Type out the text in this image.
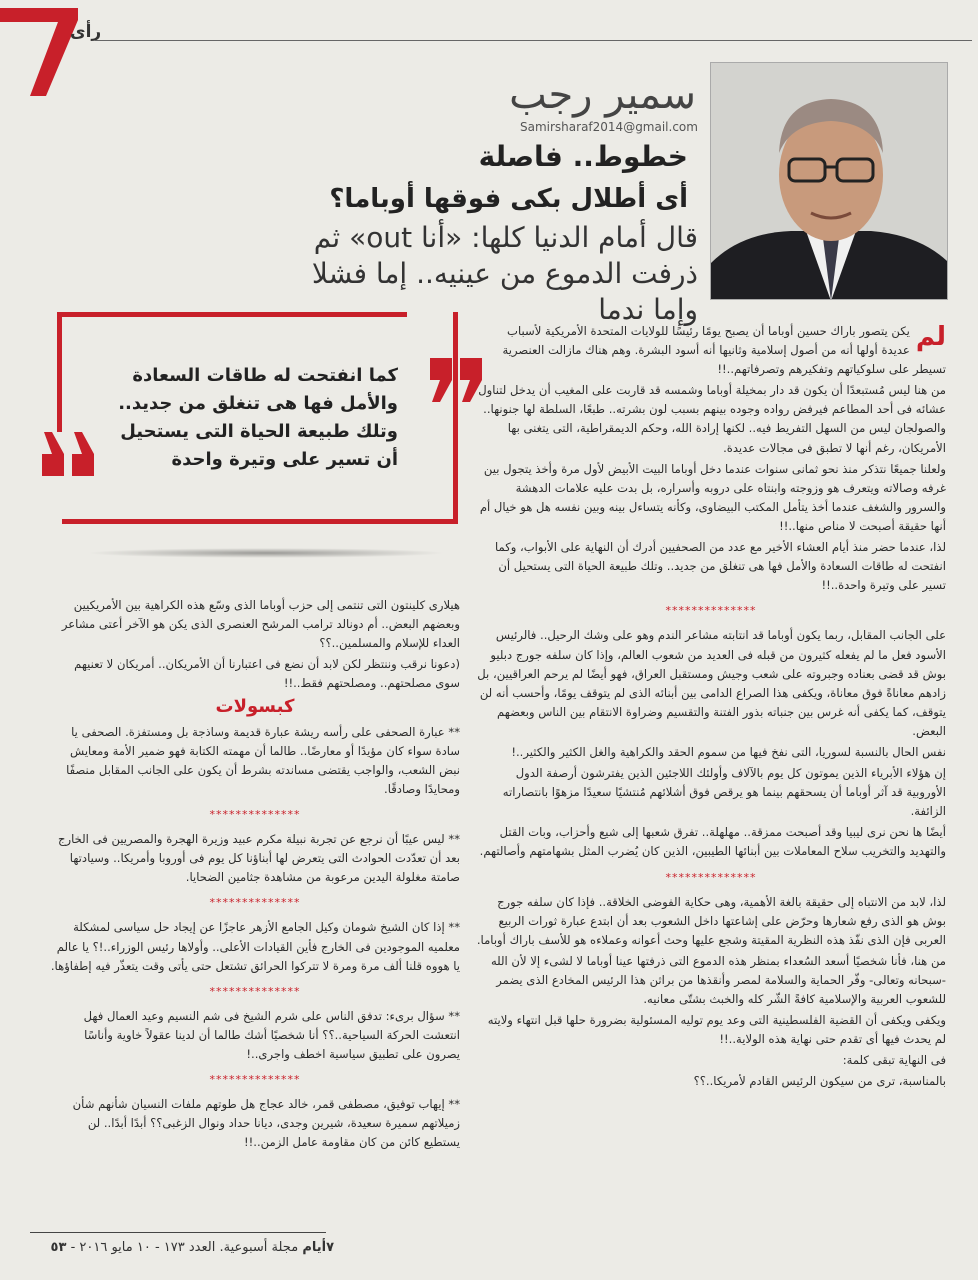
رأى
سمير رجب
Samirsharaf2014@gmail.com
خطوط.. فاصلة
أى أطلال بكى فوقها أوباما؟
قال أمام الدنيا كلها: «أنا out» ثم ذرفت الدموع من عينيه.. إما فشلا وإما ندما
كما انفتحت له طاقات السعادة والأمل فها هى تنغلق من جديد.. وتلك طبيعة الحياة التى يستحيل أن تسير على وتيرة واحدة

لم
يكن يتصور باراك حسين أوباما أن يصبح يومًا رئيسًا للولايات المتحدة الأمريكية لأسباب عديدة أولها أنه من أصول إسلامية وثانيها أنه أسود البشرة. وهم هناك مازالت العنصرية تسيطر على سلوكياتهم وتفكيرهم وتصرفاتهم..!!

من هنا ليس مُستبعدًا أن يكون قد دار بمخيلة أوباما وشمسه قد قاربت على المغيب أن يدخل لتناول عشائه فى أحد المطاعم فيرفض رواده وجوده بينهم بسبب لون بشرته.. طبعًا، السلطة لها جنونها.. والصولجان ليس من السهل التفريط فيه.. لكنها إرادة الله، وحكم الديمقراطية، التى يتغنى بها الأمريكان، رغم أنها لا تطبق فى مجالات عديدة.

ولعلنا جميعًا نتذكر منذ نحو ثمانى سنوات عندما دخل أوباما البيت الأبيض لأول مرة وأخذ يتجول بين غرفه وصالاته ويتعرف هو وزوجته وابنتاه على دروبه وأسراره، بل بدت عليه علامات الدهشة والسرور والشغف عندما أخذ يتأمل المكتب البيضاوى، وكأنه يتساءل بينه وبين نفسه هل هو خيال أم أنها حقيقة أصبحت لا مناص منها..!!

لذا، عندما حضر منذ أيام العشاء الأخير مع عدد من الصحفيين أدرك أن النهاية على الأبواب، وكما انفتحت له طاقات السعادة والأمل فها هى تنغلق من جديد.. وتلك طبيعة الحياة التى يستحيل أن تسير على وتيرة واحدة..!!

**************

على الجانب المقابل، ربما يكون أوباما قد انتابته مشاعر الندم وهو على وشك الرحيل.. فالرئيس الأسود فعل ما لم يفعله كثيرون من قبله فى العديد من شعوب العالم، وإذا كان سلفه جورج دبليو بوش قد قضى بعناده وجبروته على شعب وجيش ومستقبل العراق، فهو أيضًا لم يرحم العراقيين، بل زادهم معاناةً فوق معاناة، ويكفى هذا الصراع الدامى بين أبنائه الذى لم يتوقف يومًا، وأحسب أنه لن يتوقف، كما يكفى أنه غرس بين جنباته بذور الفتنة والتقسيم وضراوة الانتقام بين الناس وبعضهم البعض.

نفس الحال بالنسبة لسوريا، التى نفخ فيها من سموم الحقد والكراهية والغل الكثير والكثير..!

إن هؤلاء الأبرياء الذين يموتون كل يوم بالآلاف وأولئك اللاجئين الذين يفترشون أرصفة الدول الأوروبية قد آثر أوباما أن يسحقهم بينما هو يرقص فوق أشلائهم مُنتشيًا سعيدًا مزهوًا بانتصاراته الزائفة.

أيضًا ها نحن نرى ليبيا وقد أصبحت ممزقة.. مهلهلة.. تفرق شعبها إلى شيع وأحزاب، وبات القتل والتهديد والتخريب سلاح المعاملات بين أبنائها الطيبين، الذين كان يُضرب المثل بشهامتهم وأصالتهم.

**************

لذا، لابد من الانتباه إلى حقيقة بالغة الأهمية، وهى حكاية الفوضى الخلاقة.. فإذا كان سلفه جورج بوش هو الذى رفع شعارها وحرّض على إشاعتها داخل الشعوب بعد أن ابتدع عبارة ثورات الربيع العربى فإن الذى نفّذ هذه النظرية المقيتة وشجع عليها وحث أعوانه وعملاءه هو للأسف باراك أوباما.

من هنا، فأنا شخصيًا أسعد السُعداء بمنظر هذه الدموع التى ذرفتها عينا أوباما لا لشىء إلا لأن الله -سبحانه وتعالى- وفّر الحماية والسلامة لمصر وأنقذها من براثن هذا الرئيس المخادع الذى يضمر للشعوب العربية والإسلامية كافةً الشّر كله والخبث بشتّى معانيه.

ويكفى ويكفى أن القضية الفلسطينية التى وعد يوم توليه المسئولية بضرورة حلها قبل انتهاء ولايته لم يحدث فيها أى تقدم حتى نهاية هذه الولاية..!!

فى النهاية تبقى كلمة:

بالمناسبة، ترى من سيكون الرئيس القادم لأمريكا..؟؟

هيلارى كلينتون التى تنتمى إلى حزب أوباما الذى وسّع هذه الكراهية بين الأمريكيين وبعضهم البعض.. أم دونالد ترامب المرشح العنصرى الذى يكن هو الآخر أعتى مشاعر العداء للإسلام والمسلمين..؟؟

(دعونا نرقب وننتظر لكن لابد أن نضع فى اعتبارنا أن الأمريكان.. أمريكان لا تعنيهم سوى مصلحتهم.. ومصلحتهم فقط..!!

كبسولات

** عبارة الصحفى على رأسه ريشة عبارة قديمة وساذجة بل ومستفزة. الصحفى يا سادة سواء كان مؤيدًا أو معارضًا.. طالما أن مهمته الكتابة فهو ضمير الأمة ومعايش نبض الشعب، والواجب يقتضى مساندته بشرط أن يكون على الجانب المقابل منصفًا ومحايدًا وصادقًا.

**************

** ليس عيبًا أن نرجع عن تجربة نبيلة مكرم عبيد وزيرة الهجرة والمصريين فى الخارج بعد أن تعدّدت الحوادث التى يتعرض لها أبناؤنا كل يوم فى أوروبا وأمريكا.. وسيادتها صامتة مغلولة اليدين مرعوبة من مشاهدة جثامين الضحايا.

**************

** إذا كان الشيخ شومان وكيل الجامع الأزهر عاجزًا عن إيجاد حل سياسى لمشكلة معلميه الموجودين فى الخارج فأين القيادات الأعلى.. وأولاها رئيس الوزراء..!؟ يا عالم يا هووه قلنا ألف مرة ومرة لا تتركوا الحرائق تشتعل حتى يأتى وقت يتعذّر فيه إطفاؤها.

**************

** سؤال برىء: تدفق الناس على شرم الشيخ فى شم النسيم وعيد العمال فهل انتعشت الحركة السياحية..؟؟ أنا شخصيًا أشك طالما أن لدينا عقولاً خاوية وأناسًا يصرون على تطبيق سياسية اخطف واجرى..!

**************

** إيهاب توفيق، مصطفى قمر، خالد عجاج هل طوتهم ملفات النسيان شأنهم شأن زميلاتهم سميرة سعيدة، شيرين وجدى، ديانا حداد ونوال الزغبى؟؟ أبدًا أبدًا.. لن يستطيع كائن من كان مقاومة عامل الزمن..!!

٧أيام مجلة أسبوعية. العدد ١٧٣ - ١٠ مايو ٢٠١٦ - ٥٣
